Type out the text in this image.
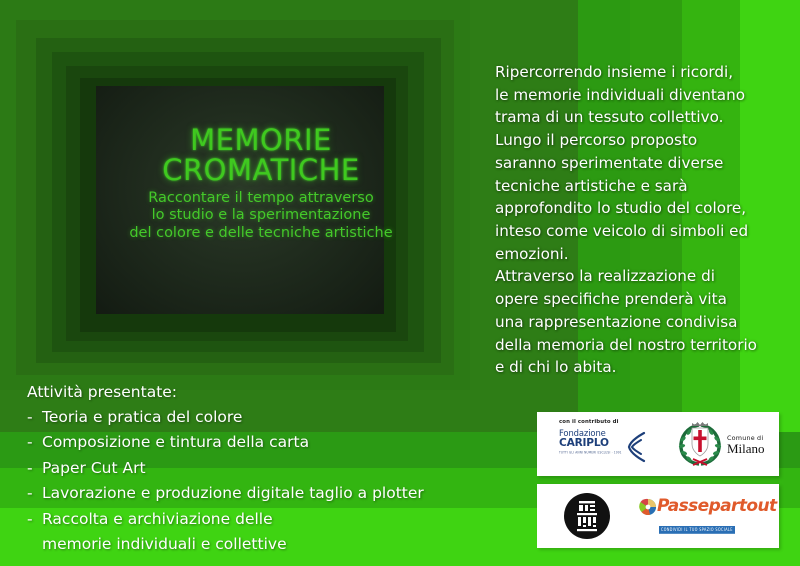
MEMORIE
CROMATICHE
Raccontare il tempo attraverso
lo studio e la sperimentazione
del colore e delle tecniche artistiche
Ripercorrendo insieme i ricordi,
le memorie individuali diventano
trama di un tessuto collettivo.
Lungo il percorso proposto
saranno sperimentate diverse
tecniche artistiche e sarà
approfondito lo studio del colore,
inteso come veicolo di simboli ed
emozioni.
Attraverso la realizzazione di
opere specifiche prenderà vita
una rappresentazione condivisa
della memoria del nostro territorio
e di chi lo abita.
Attività presentate:
- Teoria e pratica del colore
- Composizione e tintura della carta
- Paper Cut Art
- Lavorazione e produzione digitale taglio a plotter
- Raccolta e archiviazione delle
memorie individuali e collettive
con il contributo di
Fondazione
CARIPLO
TUTTI GLI ANNI NUMERI ESCLUSI · 1991
Comune di
Milano
Passepartout
CONDIVIDI IL TUO SPAZIO SOCIALE
